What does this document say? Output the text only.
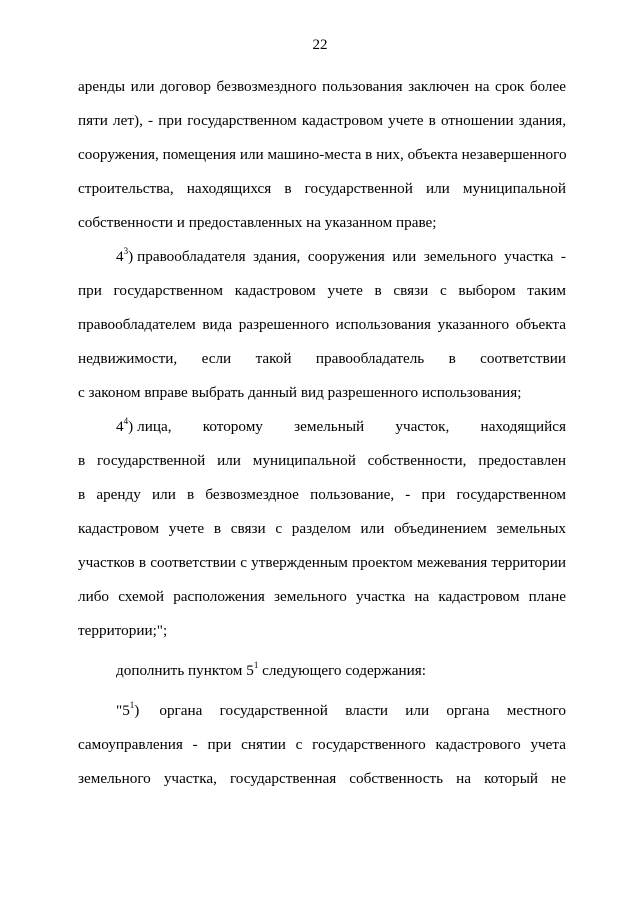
22
аренды или договор безвозмездного пользования заключен на срок более
пяти лет), - при государственном кадастровом учете в отношении здания,
сооружения, помещения или машино-места в них, объекта незавершенного
строительства, находящихся в государственной или муниципальной
собственности и предоставленных на указанном праве;
$4^3$) правообладателя здания, сооружения или земельного участка -
при государственном кадастровом учете в связи с выбором таким
правообладателем вида разрешенного использования указанного объекта
недвижимости, если такой правообладатель в соответствии
с законом вправе выбрать данный вид разрешенного использования;
$4^4$) лица, которому земельный участок, находящийся
в государственной или муниципальной собственности, предоставлен
в аренду или в безвозмездное пользование, - при государственном
кадастровом учете в связи с разделом или объединением земельных
участков в соответствии с утвержденным проектом межевания территории
либо схемой расположения земельного участка на кадастровом плане
территории;";
дополнить пунктом $5^1$ следующего содержания:
"$5^1$) органа государственной власти или органа местного
самоуправления - при снятии с государственного кадастрового учета
земельного участка, государственная собственность на который не
